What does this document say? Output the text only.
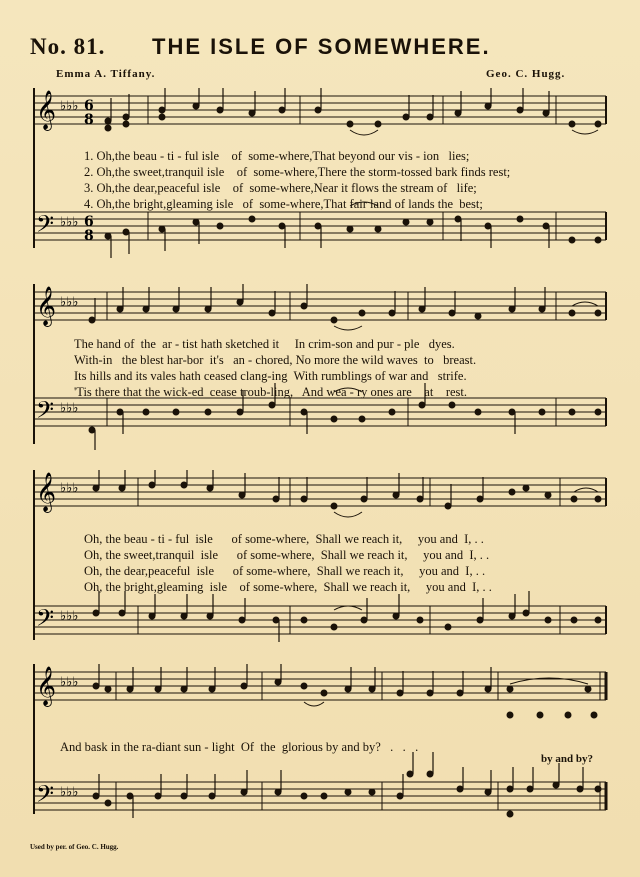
No. 81. THE ISLE OF SOMEWHERE.
Emma A. Tiffany.	Geo. C. Hugg.
𝄞
𝄢
♭♭♭
♭♭♭
6
8
6
8
1. Oh,the beau - ti - ful isle    of  some-where,That beyond our vis - ion   lies;
2. Oh,the sweet,tranquil isle    of  some-where,There the storm-tossed bark finds rest;
3. Oh,the dear,peaceful isle    of  some-where,Near it flows the stream of   life;
4. Oh,the bright,gleaming isle   of  some-where,That fair land of lands the  best;
𝄞
𝄢
♭♭♭
♭♭♭
The hand of  the  ar - tist hath sketched it     In crim-son and pur - ple   dyes.
With-in   the blest har-bor  it's   an - chored, No more the wild waves  to   breast.
Its hills and its vales hath ceased clang-ing  With rumblings of war and   strife.
'Tis there that the wick-ed  cease troub-ling,   And wea - ry ones are    at    rest.
𝄞
𝄢
♭♭♭
♭♭♭
Oh, the beau - ti - ful  isle      of some-where,  Shall we reach it,     you and  I, . .
Oh, the sweet,tranquil  isle      of some-where,  Shall we reach it,     you and  I, . .
Oh, the dear,peaceful  isle      of some-where,  Shall we reach it,     you and  I, . .
Oh, the bright,gleaming  isle    of some-where,  Shall we reach it,     you and  I, . .
𝄞
𝄢
♭♭♭
♭♭♭
And bask in the ra-diant sun - light  Of  the  glorious by and by?   .   .   .
by and by?
Used by per. of Geo. C. Hugg.
